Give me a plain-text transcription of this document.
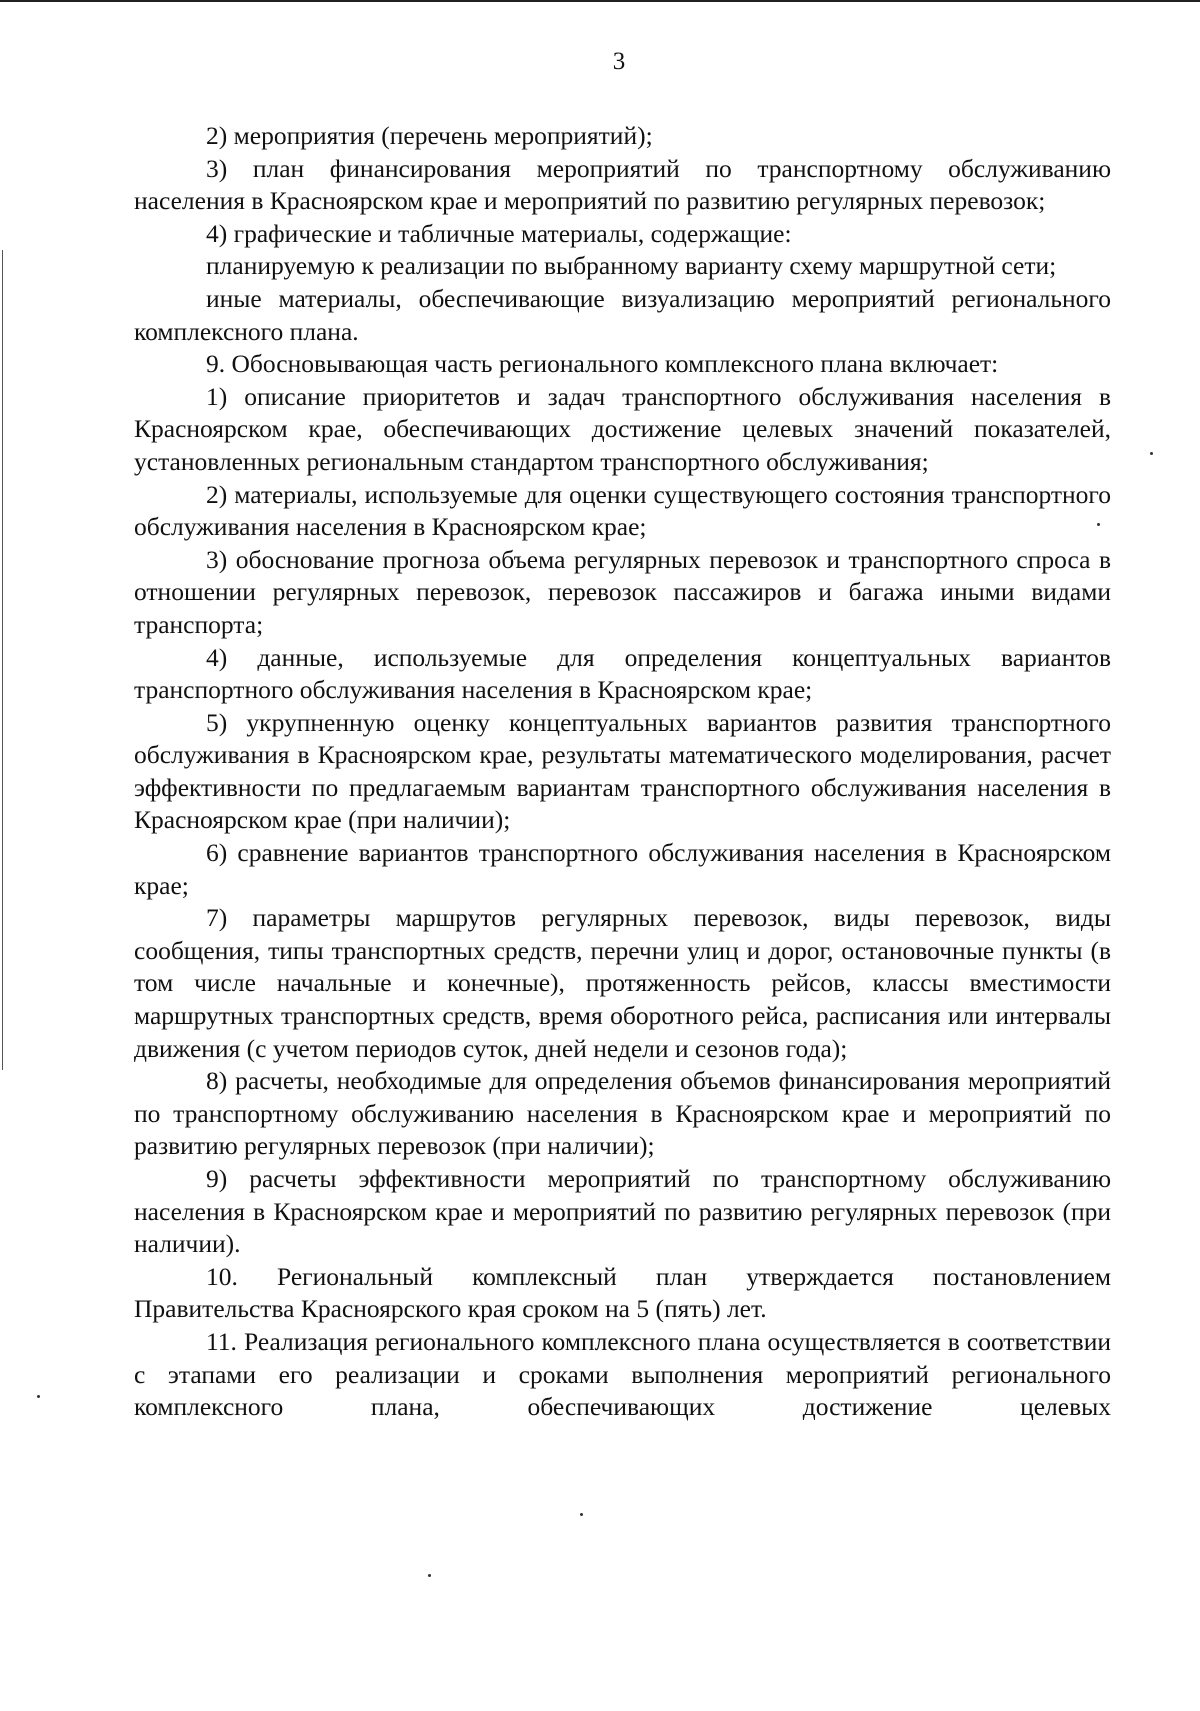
3

2) мероприятия (перечень мероприятий);

3) план финансирования мероприятий по транспортному обслуживанию населения в Красноярском крае и мероприятий по развитию регулярных перевозок;

4) графические и табличные материалы, содержащие:

планируемую к реализации по выбранному варианту схему маршрутной сети;

иные материалы, обеспечивающие визуализацию мероприятий регионального комплексного плана.

9. Обосновывающая часть регионального комплексного плана включает:

1) описание приоритетов и задач транспортного обслуживания населения в Красноярском крае, обеспечивающих достижение целевых значений показателей, установленных региональным стандартом транспортного обслуживания;

2) материалы, используемые для оценки существующего состояния транспортного обслуживания населения в Красноярском крае;

3) обоснование прогноза объема регулярных перевозок и транспортного спроса в отношении регулярных перевозок, перевозок пассажиров и багажа иными видами транспорта;

4) данные, используемые для определения концептуальных вариантов транспортного обслуживания населения в Красноярском крае;

5) укрупненную оценку концептуальных вариантов развития транспортного обслуживания в Красноярском крае, результаты математического моделирования, расчет эффективности по предлагаемым вариантам транспортного обслуживания населения в Красноярском крае (при наличии);

6) сравнение вариантов транспортного обслуживания населения в Красноярском крае;

7) параметры маршрутов регулярных перевозок, виды перевозок, виды сообщения, типы транспортных средств, перечни улиц и дорог, остановочные пункты (в том числе начальные и конечные), протяженность рейсов, классы вместимости маршрутных транспортных средств, время оборотного рейса, расписания или интервалы движения (с учетом периодов суток, дней недели и сезонов года);

8) расчеты, необходимые для определения объемов финансирования мероприятий по транспортному обслуживанию населения в Красноярском крае и мероприятий по развитию регулярных перевозок (при наличии);

9) расчеты эффективности мероприятий по транспортному обслуживанию населения в Красноярском крае и мероприятий по развитию регулярных перевозок (при наличии).

10. Региональный комплексный план утверждается постановлением Правительства Красноярского края сроком на 5 (пять) лет.

11. Реализация регионального комплексного плана осуществляется в соответствии с этапами его реализации и сроками выполнения мероприятий регионального комплексного плана, обеспечивающих достижение целевых
